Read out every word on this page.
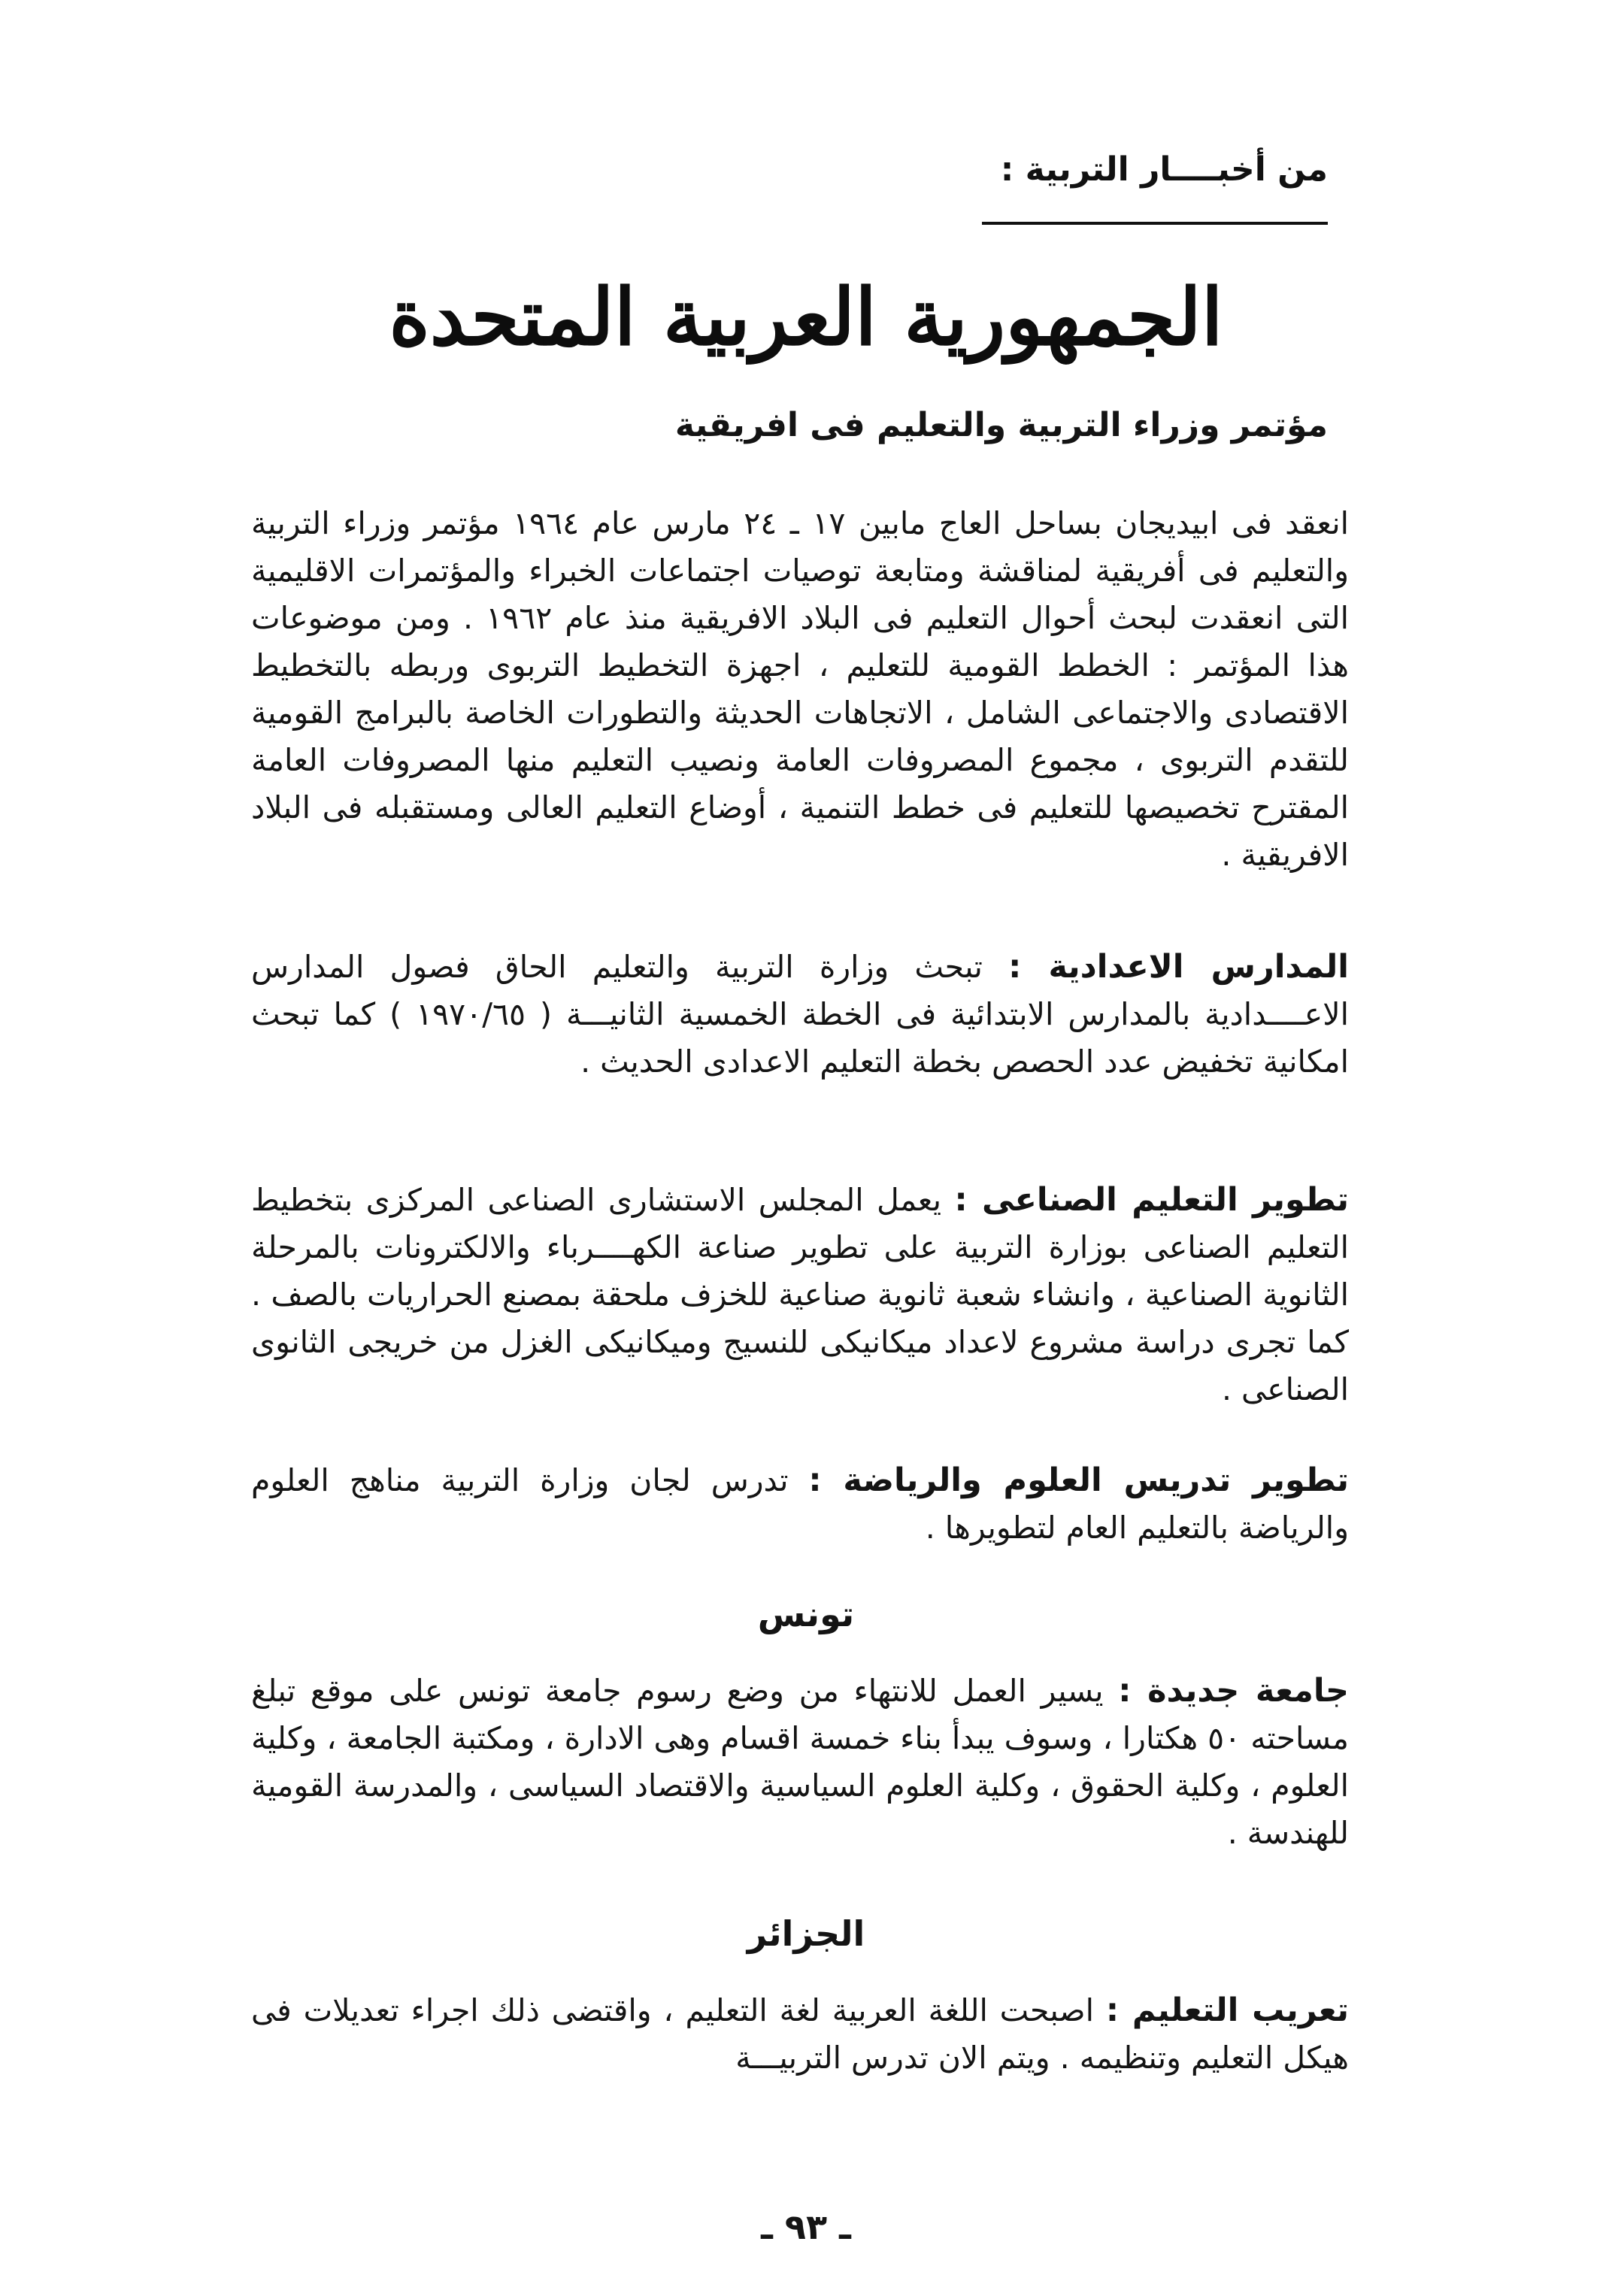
من أخبــــار التربية :
الجمهورية العربية المتحدة
مؤتمر وزراء التربية والتعليم فى افريقية

انعقد فى ابيديجان بساحل العاج مابين ١٧ ـ ٢٤ مارس عام ١٩٦٤ مؤتمر وزراء التربية والتعليم فى أفريقية لمناقشة ومتابعة توصيات اجتماعات الخبراء والمؤتمرات الاقليمية التى انعقدت لبحث أحوال التعليم فى البلاد الافريقية منذ عام ١٩٦٢ . ومن موضوعات هذا المؤتمر : الخطط القومية للتعليم ، اجهزة التخطيط التربوى وربطه بالتخطيط الاقتصادى والاجتماعى الشامل ، الاتجاهات الحديثة والتطورات الخاصة بالبرامج القومية للتقدم التربوى ، مجموع المصروفات العامة ونصيب التعليم منها المصروفات العامة المقترح تخصيصها للتعليم فى خطط التنمية ، أوضاع التعليم العالى ومستقبله فى البلاد الافريقية .

المدارس الاعدادية : تبحث وزارة التربية والتعليم الحاق فصول المدارس الاعــــدادية بالمدارس الابتدائية فى الخطة الخمسية الثانيـــة ( ١٩٧٠/٦٥ ) كما تبحث امكانية تخفيض عدد الحصص بخطة التعليم الاعدادى الحديث .

تطوير التعليم الصناعى : يعمل المجلس الاستشارى الصناعى المركزى بتخطيط التعليم الصناعى بوزارة التربية على تطوير صناعة الكهــــرباء والالكترونات بالمرحلة الثانوية الصناعية ، وانشاء شعبة ثانوية صناعية للخزف ملحقة بمصنع الحراريات بالصف . كما تجرى دراسة مشروع لاعداد ميكانيكى للنسيج وميكانيكى الغزل من خريجى الثانوى الصناعى .

تطوير تدريس العلوم والرياضة : تدرس لجان وزارة التربية مناهج العلوم والرياضة بالتعليم العام لتطويرها .

تونس

جامعة جديدة : يسير العمل للانتهاء من وضع رسوم جامعة تونس على موقع تبلغ مساحته ٥٠ هكتارا ، وسوف يبدأ بناء خمسة اقسام وهى الادارة ، ومكتبة الجامعة ، وكلية العلوم ، وكلية الحقوق ، وكلية العلوم السياسية والاقتصاد السياسى ، والمدرسة القومية للهندسة .

الجزائر

تعريب التعليم : اصبحت اللغة العربية لغة التعليم ، واقتضى ذلك اجراء تعديلات فى هيكل التعليم وتنظيمه . ويتم الان تدرس التربيـــة

ـ ٩٣ ـ
